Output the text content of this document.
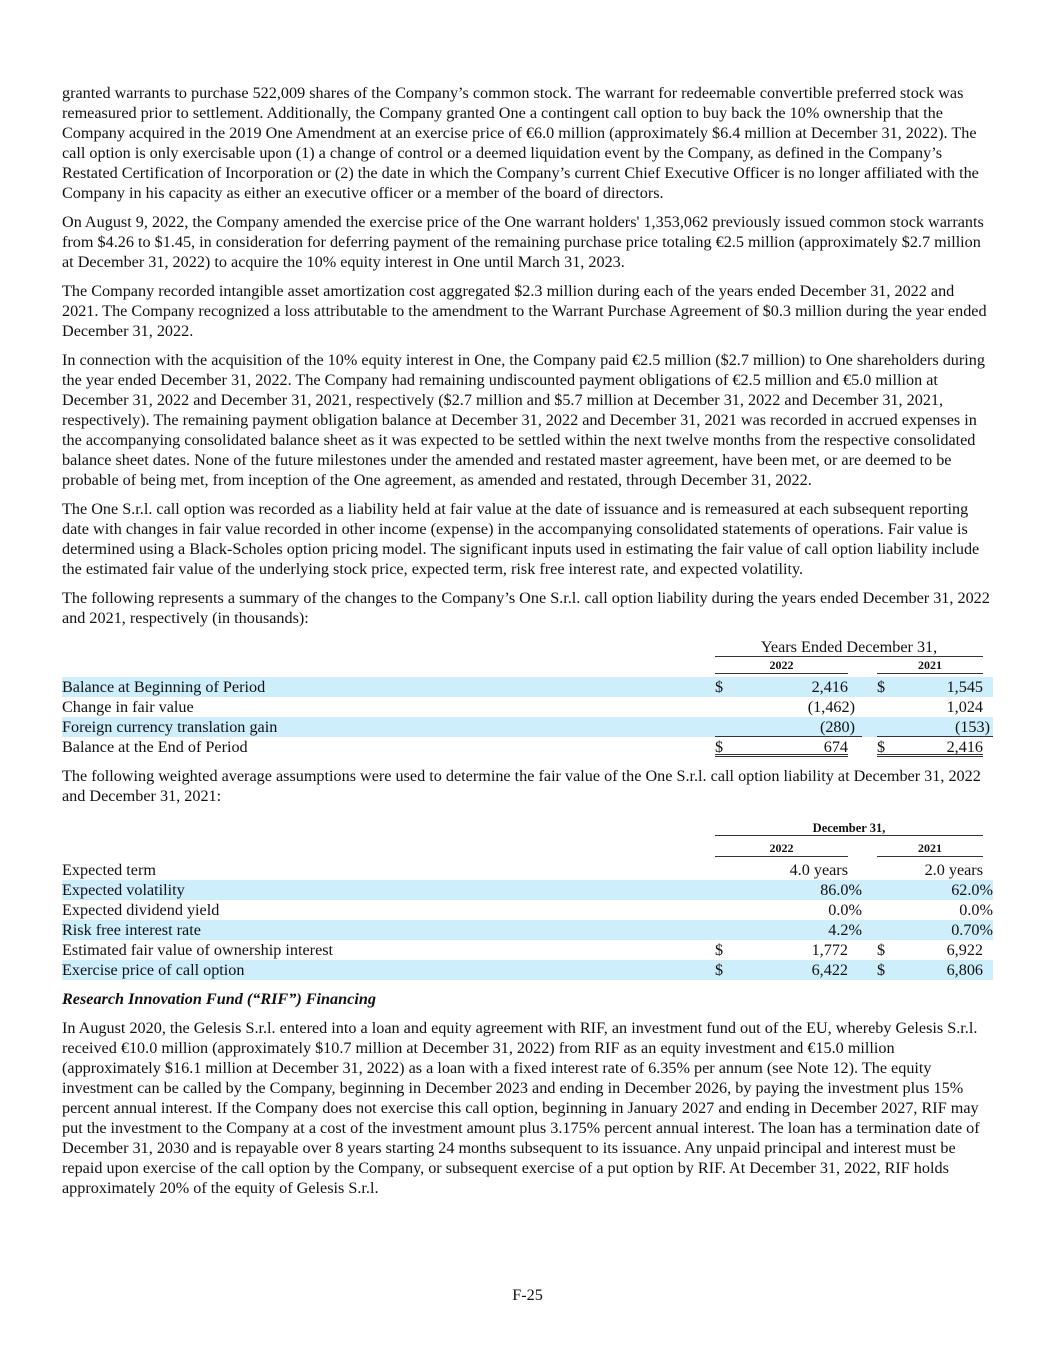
granted warrants to purchase 522,009 shares of the Company’s common stock. The warrant for redeemable convertible preferred stock was remeasured prior to settlement. Additionally, the Company granted One a contingent call option to buy back the 10% ownership that the Company acquired in the 2019 One Amendment at an exercise price of €6.0 million (approximately $6.4 million at December 31, 2022). The call option is only exercisable upon (1) a change of control or a deemed liquidation event by the Company, as defined in the Company’s Restated Certification of Incorporation or (2) the date in which the Company’s current Chief Executive Officer is no longer affiliated with the Company in his capacity as either an executive officer or a member of the board of directors.

On August 9, 2022, the Company amended the exercise price of the One warrant holders' 1,353,062 previously issued common stock warrants from $4.26 to $1.45, in consideration for deferring payment of the remaining purchase price totaling €2.5 million (approximately $2.7 million at December 31, 2022) to acquire the 10% equity interest in One until March 31, 2023.

The Company recorded intangible asset amortization cost aggregated $2.3 million during each of the years ended December 31, 2022 and 2021. The Company recognized a loss attributable to the amendment to the Warrant Purchase Agreement of $0.3 million during the year ended December 31, 2022.

In connection with the acquisition of the 10% equity interest in One, the Company paid €2.5 million ($2.7 million) to One shareholders during the year ended December 31, 2022. The Company had remaining undiscounted payment obligations of €2.5 million and €5.0 million at December 31, 2022 and December 31, 2021, respectively ($2.7 million and $5.7 million at December 31, 2022 and December 31, 2021, respectively). The remaining payment obligation balance at December 31, 2022 and December 31, 2021 was recorded in accrued expenses in the accompanying consolidated balance sheet as it was expected to be settled within the next twelve months from the respective consolidated balance sheet dates. None of the future milestones under the amended and restated master agreement, have been met, or are deemed to be probable of being met, from inception of the One agreement, as amended and restated, through December 31, 2022.

The One S.r.l. call option was recorded as a liability held at fair value at the date of issuance and is remeasured at each subsequent reporting date with changes in fair value recorded in other income (expense) in the accompanying consolidated statements of operations. Fair value is determined using a Black-Scholes option pricing model. The significant inputs used in estimating the fair value of call option liability include the estimated fair value of the underlying stock price, expected term, risk free interest rate, and expected volatility.

The following represents a summary of the changes to the Company’s One S.r.l. call option liability during the years ended December 31, 2022 and 2021, respectively (in thousands):

Years Ended December 31,
2022	2021
Balance at Beginning of Period	$	2,416 $	1,545
Change in fair value	(1,462)	1,024
Foreign currency translation gain	(280)	(153)
Balance at the End of Period	$	674 $	2,416

The following weighted average assumptions were used to determine the fair value of the One S.r.l. call option liability at December 31, 2022 and December 31, 2021:

December 31,
2022	2021
Expected term	4.0 years	2.0 years
Expected volatility	86.0%	62.0%
Expected dividend yield	0.0%	0.0%
Risk free interest rate	4.2%	0.70%
Estimated fair value of ownership interest	$	1,772 $	6,922
Exercise price of call option	$	6,422 $	6,806
Research Innovation Fund (“RIF”) Financing

In August 2020, the Gelesis S.r.l. entered into a loan and equity agreement with RIF, an investment fund out of the EU, whereby Gelesis S.r.l. received €10.0 million (approximately $10.7 million at December 31, 2022) from RIF as an equity investment and €15.0 million (approximately $16.1 million at December 31, 2022) as a loan with a fixed interest rate of 6.35% per annum (see Note 12). The equity investment can be called by the Company, beginning in December 2023 and ending in December 2026, by paying the investment plus 15% percent annual interest. If the Company does not exercise this call option, beginning in January 2027 and ending in December 2027, RIF may put the investment to the Company at a cost of the investment amount plus 3.175% percent annual interest. The loan has a termination date of December 31, 2030 and is repayable over 8 years starting 24 months subsequent to its issuance. Any unpaid principal and interest must be repaid upon exercise of the call option by the Company, or subsequent exercise of a put option by RIF. At December 31, 2022, RIF holds approximately 20% of the equity of Gelesis S.r.l.

F-25
